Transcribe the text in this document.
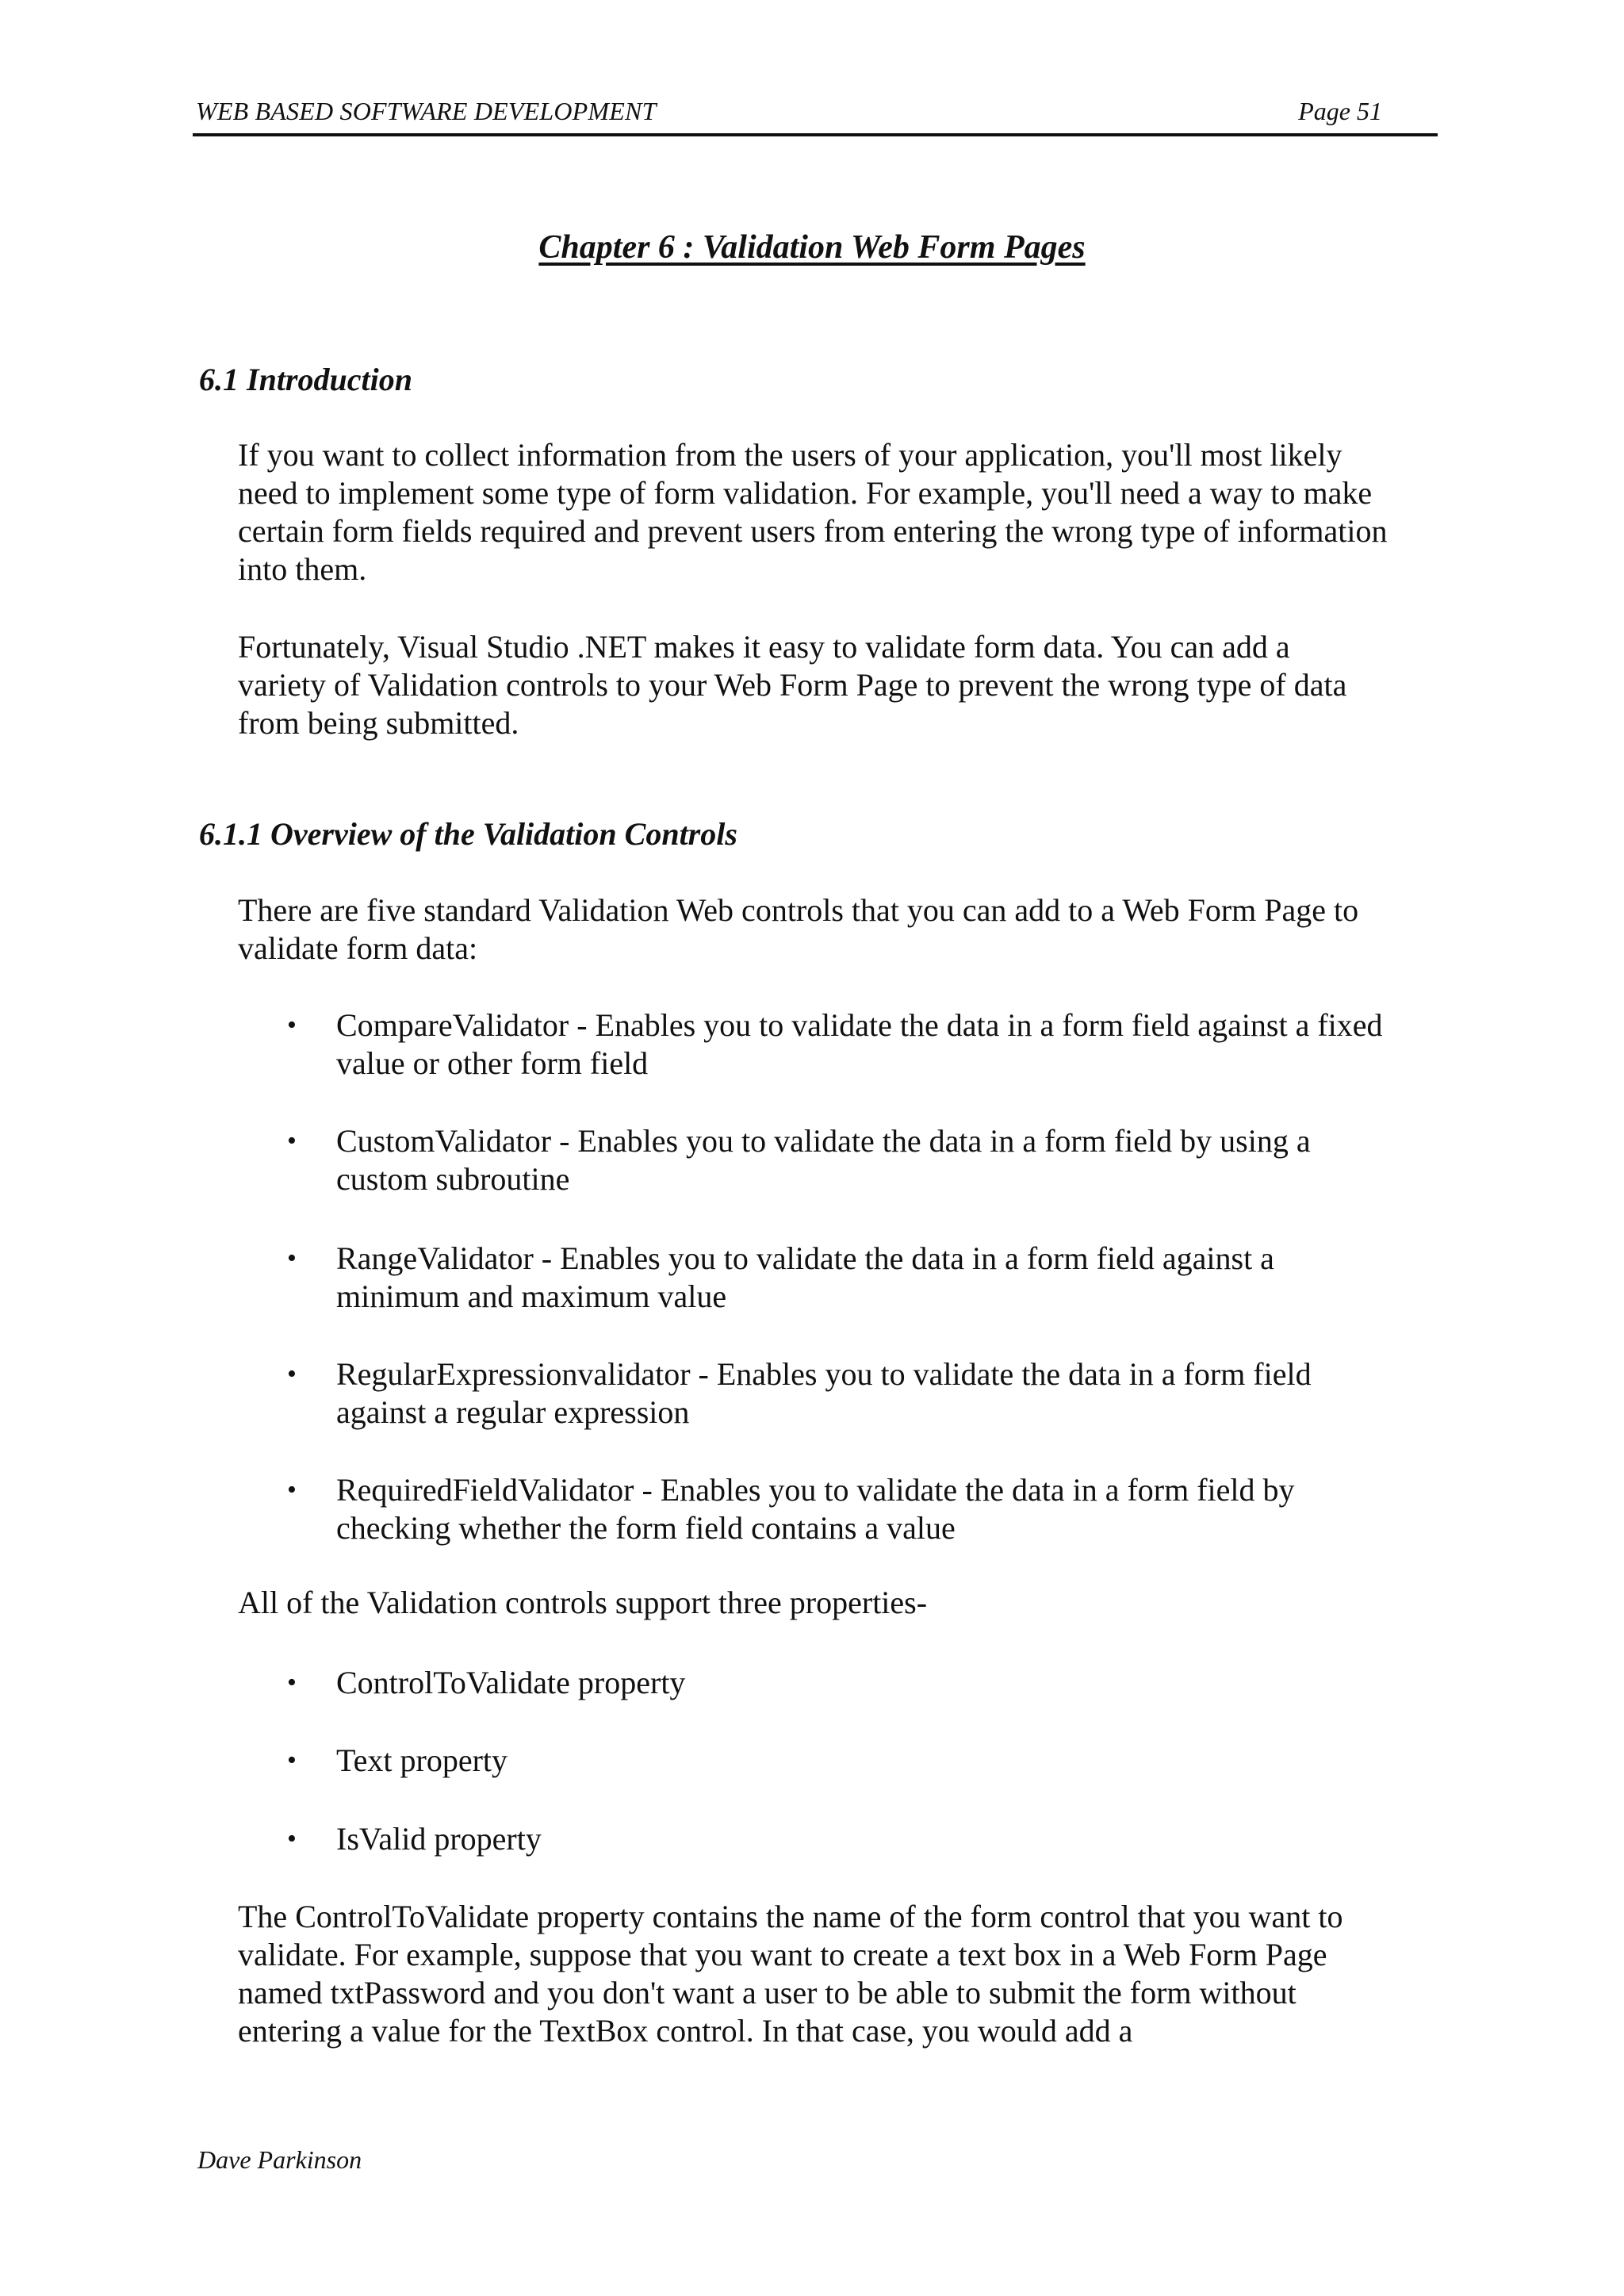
WEB BASED SOFTWARE DEVELOPMENT	Page 51
Chapter 6 : Validation Web Form Pages
6.1 Introduction
If you want to collect information from the users of your application, you'll most likely
need to implement some type of form validation. For example, you'll need a way to make
certain form fields required and prevent users from entering the wrong type of information
into them.
Fortunately, Visual Studio .NET makes it easy to validate form data. You can add a
variety of Validation controls to your Web Form Page to prevent the wrong type of data
from being submitted.
6.1.1 Overview of the Validation Controls
There are five standard Validation Web controls that you can add to a Web Form Page to
validate form data:
• CompareValidator - Enables you to validate the data in a form field against a fixed
value or other form field
• CustomValidator - Enables you to validate the data in a form field by using a
custom subroutine
• RangeValidator - Enables you to validate the data in a form field against a
minimum and maximum value
• RegularExpressionvalidator - Enables you to validate the data in a form field
against a regular expression
• RequiredFieldValidator - Enables you to validate the data in a form field by
checking whether the form field contains a value
• ControlToValidate property
• Text property
• IsValid property
All of the Validation controls support three properties-
The ControlToValidate property contains the name of the form control that you want to
validate. For example, suppose that you want to create a text box in a Web Form Page
named txtPassword and you don't want a user to be able to submit the form without
entering a value for the TextBox control. In that case, you would add a
Dave Parkinson
